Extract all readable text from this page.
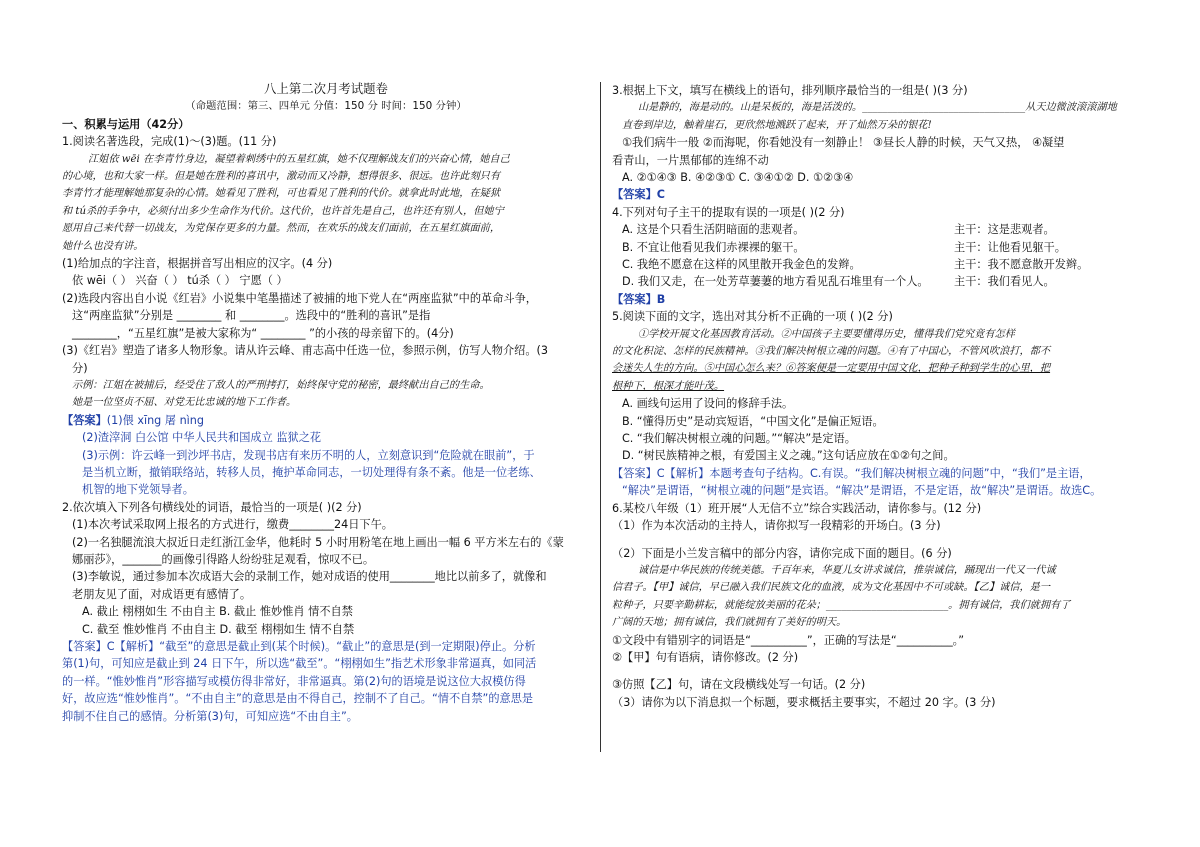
八上第二次月考试题卷

（命题范围：第三、四单元 分值：150 分 时间：150 分钟）

一、积累与运用（42分）

1.阅读名著选段，完成(1)～(3)题。(11 分)

江姐依 wēi 在李青竹身边，凝望着刺绣中的五星红旗，她不仅理解战友们的兴奋心情，她自己

的心境，也和大家一样。但是她在胜利的喜讯中，激动而又冷静，想得很多、很远。也许此刻只有

李青竹才能理解她那复杂的心情。她看见了胜利，可也看见了胜利的代价。就拿此时此地，在疑狱

和 tú杀的手争中，必须付出多少生命作为代价。这代价，也许首先是自己，也许还有别人，但她宁

愿用自己来代替一切战友，为党保存更多的力量。然而，在欢乐的战友们面前，在五星红旗面前，

她什么也没有讲。

(1)给加点的字注音，根据拼音写出相应的汉字。(4 分)

依 wēi（ ） 兴奋（ ） tú杀（ ） 宁愿（ ）

(2)选段内容出自小说《红岩》小说集中笔墨描述了被捕的地下党人在“两座监狱”中的革命斗争，

这“两座监狱”分别是 ________ 和 ________。选段中的“胜利的喜讯”是指

________，“五星红旗”是被大家称为“ ________ ”的小孩的母亲留下的。(4分)

(3)《红岩》塑造了诸多人物形象。请从许云峰、甫志高中任选一位，参照示例，仿写人物介绍。(3

分)

示例：江姐在被捕后，经受住了敌人的严刑拷打，始终保守党的秘密，最终献出自己的生命。

她是一位坚贞不屈、对党无比忠诚的地下工作者。

【答案】(1)偎 xīng 屠 nìng

(2)渣滓洞 白公馆 中华人民共和国成立 监狱之花

(3)示例：许云峰一到沙坪书店，发现书店有来历不明的人，立刻意识到“危险就在眼前”，于

是当机立断，撤销联络站，转移人员，掩护革命同志，一切处理得有条不紊。他是一位老练、

机智的地下党领导者。

2.依次填入下列各句横线处的词语，最恰当的一项是( )(2 分)

(1)本次考试采取网上报名的方式进行，缴费________24日下午。

(2)一名独腿流浪大叔近日走红浙江金华，他耗时 5 小时用粉笔在地上画出一幅 6 平方米左右的《蒙

娜丽莎》，_______的画像引得路人纷纷驻足观看，惊叹不已。

(3)李敏说，通过参加本次成语大会的录制工作，她对成语的使用________地比以前多了，就像和

老朋友见了面，对成语更有感情了。

A. 截止 栩栩如生 不由自主 B. 截止 惟妙惟肖 情不自禁

C. 截至 惟妙惟肖 不由自主 D. 截至 栩栩如生 情不自禁

【答案】C【解析】“截至”的意思是截止到(某个时候)。“截止”的意思是(到一定期限)停止。分析

第(1)句，可知应是截止到 24 日下午，所以选“截至”。“栩栩如生”指艺术形象非常逼真，如同活

的一样。“惟妙惟肖”形容描写或模仿得非常好，非常逼真。第(2)句的语境是说这位大叔模仿得

好，故应选“惟妙惟肖”。“不由自主”的意思是由不得自己，控制不了自己。“情不自禁”的意思是

抑制不住自己的感情。分析第(3)句，可知应选“不由自主”。

3.根据上下文，填写在横线上的语句，排列顺序最恰当的一组是( )(3 分)

山是静的，海是动的。山是呆板的，海是活泼的。________________________________从天边微波滚滚湖地

直卷到岸边，触着崖石，更欣然地溅跃了起来，开了灿然万朵的银花!

①我们病牛一般 ②而海呢，你看她没有一刻静止！ ③昼长人静的时候，天气又热， ④凝望

看青山，一片黑郁郁的连绵不动

A. ②①④③ B. ④②③① C. ③④①② D. ①②③④

【答案】C

4.下列对句子主干的提取有误的一项是( )(2 分)

A. 这是个只看生活阴暗面的悲观者。	主干：这是悲观者。
B. 不宜让他看见我们赤裸裸的躯干。	主干：让他看见躯干。
C. 我绝不愿意在这样的风里散开我金色的发辫。	主干：我不愿意散开发辫。
D. 我们又走，在一处芳草萋萋的地方看见乱石堆里有一个人。 主干：我们看见人。

【答案】B

5.阅读下面的文字，选出对其分析不正确的一项 ( )(2 分)

①学校开展文化基因教育活动。②中国孩子主要要懂得历史，懂得我们党究竟有怎样

的文化积淀、怎样的民族精神。③我们解决树根立魂的问题。④有了中国心，不管风吹浪打，都不

会迷失人生的方向。⑤中国心怎么来？⑥答案便是一定要用中国文化，把种子种到学生的心里，把

根种下，根深才能叶茂。

A. 画线句运用了设问的修辞手法。

B. “懂得历史”是动宾短语，“中国文化”是偏正短语。

C. “我们解决树根立魂的问题。”“解决”是定语。

D. “树民族精神之根，有爱国主义之魂。”这句话应放在①②句之间。

【答案】C【解析】本题考查句子结构。C.有误。“我们解决树根立魂的问题”中，“我们”是主语，

“解决”是谓语，“树根立魂的问题”是宾语。“解决”是谓语，不是定语，故“解决”是谓语。故选C。

6.某校八年级（1）班开展“人无信不立”综合实践活动，请你参与。(12 分)

（1）作为本次活动的主持人，请你拟写一段精彩的开场白。(3 分)

（2）下面是小兰发言稿中的部分内容，请你完成下面的题目。(6 分)

诚信是中华民族的传统美德。千百年来，华夏儿女讲求诚信，推崇诚信，踊现出一代又一代诚

信君子。【甲】诚信，早已融入我们民族文化的血液，成为文化基因中不可或缺。【乙】诚信，是一

粒种子，只要辛勤耕耘，就能绽放美丽的花朵；________________________。拥有诚信，我们就拥有了

广阔的天地；拥有诚信，我们就拥有了美好的明天。

①文段中有错别字的词语是“__________”，正确的写法是“__________。”

②【甲】句有语病，请你修改。(2 分)

③仿照【乙】句，请在文段横线处写一句话。(2 分)

（3）请你为以下消息拟一个标题，要求概括主要事实，不超过 20 字。(3 分)
